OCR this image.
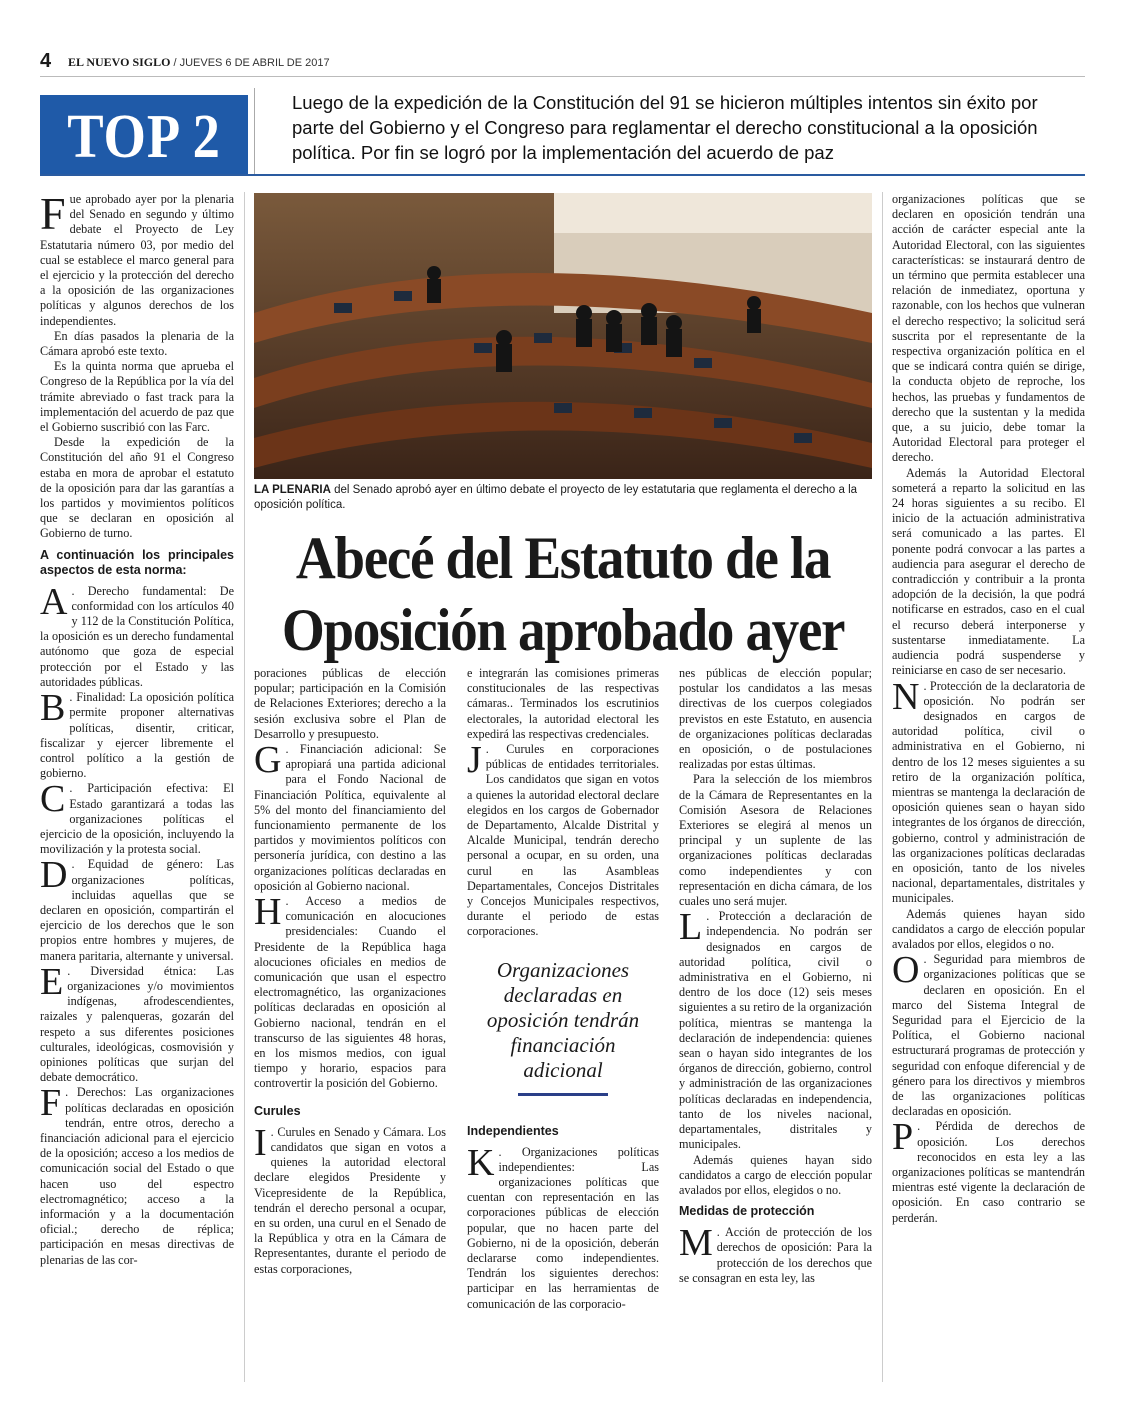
4 EL NUEVO SIGLO / JUEVES 6 DE ABRIL DE 2017
TOP 2
Luego de la expedición de la Constitución del 91 se hicieron múltiples intentos sin éxito por parte del Gobierno y el Congreso para reglamentar el derecho constitucional a la oposición política. Por fin se logró por la implementación del acuerdo de paz
LA PLENARIA del Senado aprobó ayer en último debate el proyecto de ley estatutaria que reglamenta el derecho a la oposición política.
Abecé del Estatuto de la
Oposición aprobado ayer

Fue aprobado ayer por la plenaria del Senado en segundo y último debate el Proyecto de Ley Estatutaria número 03, por medio del cual se establece el marco general para el ejercicio y la protección del derecho a la oposición de las organizaciones políticas y algunos derechos de los independientes.

En días pasados la plenaria de la Cámara aprobó este texto.

Es la quinta norma que aprueba el Congreso de la República por la vía del trámite abreviado o fast track para la implementación del acuerdo de paz que el Gobierno suscribió con las Farc.

Desde la expedición de la Constitución del año 91 el Congreso estaba en mora de aprobar el estatuto de la oposición para dar las garantías a los partidos y movimientos políticos que se declaran en oposición al Gobierno de turno.

A continuación los principales aspectos de esta norma:

A . Derecho fundamental: De conformidad con los artículos 40 y 112 de la Constitución Política, la oposición es un derecho fundamental autónomo que goza de especial protección por el Estado y las autoridades públicas.

B . Finalidad: La oposición política permite proponer alternativas políticas, disentir, criticar, fiscalizar y ejercer libremente el control político a la gestión de gobierno.

C . Participación efectiva: El Estado garantizará a todas las organizaciones políticas el ejercicio de la oposición, incluyendo la movilización y la protesta social.

D . Equidad de género: Las organizaciones políticas, incluidas aquellas que se declaren en oposición, compartirán el ejercicio de los derechos que le son propios entre hombres y mujeres, de manera paritaria, alternante y universal.

E . Diversidad étnica: Las organizaciones y/o movimientos indígenas, afrodescendientes, raizales y palenqueras, gozarán del respeto a sus diferentes posiciones culturales, ideológicas, cosmovisión y opiniones políticas que surjan del debate democrático.

F . Derechos: Las organizaciones políticas declaradas en oposición tendrán, entre otros, derecho a financiación adicional para el ejercicio de la oposición; acceso a los medios de comunicación social del Estado o que hacen uso del espectro electromagnético; acceso a la información y a la documentación oficial.; derecho de réplica; participación en mesas directivas de plenarias de las cor-

poraciones públicas de elección popular; participación en la Comisión de Relaciones Exteriores; derecho a la sesión exclusiva sobre el Plan de Desarrollo y presupuesto.

G . Financiación adicional: Se apropiará una partida adicional para el Fondo Nacional de Financiación Política, equivalente al 5% del monto del financiamiento del funcionamiento permanente de los partidos y movimientos políticos con personería jurídica, con destino a las organizaciones políticas declaradas en oposición al Gobierno nacional.

H . Acceso a medios de comunicación en alocuciones presidenciales: Cuando el Presidente de la República haga alocuciones oficiales en medios de comunicación que usan el espectro electromagnético, las organizaciones políticas declaradas en oposición al Gobierno nacional, tendrán en el transcurso de las siguientes 48 horas, en los mismos medios, con igual tiempo y horario, espacios para controvertir la posición del Gobierno.

Curules

I . Curules en Senado y Cámara. Los candidatos que sigan en votos a quienes la autoridad electoral declare elegidos Presidente y Vicepresidente de la República, tendrán el derecho personal a ocupar, en su orden, una curul en el Senado de la República y otra en la Cámara de Representantes, durante el periodo de estas corporaciones,

e integrarán las comisiones primeras constitucionales de las respectivas cámaras.. Terminados los escrutinios electorales, la autoridad electoral les expedirá las respectivas credenciales.

J . Curules en corporaciones públicas de entidades territoriales. Los candidatos que sigan en votos a quienes la autoridad electoral declare elegidos en los cargos de Gobernador de Departamento, Alcalde Distrital y Alcalde Municipal, tendrán derecho personal a ocupar, en su orden, una curul en las Asambleas Departamentales, Concejos Distritales y Concejos Municipales respectivos, durante el periodo de estas corporaciones.

Organizaciones declaradas en oposición tendrán financiación adicional
Independientes

K . Organizaciones políticas independientes: Las organizaciones políticas que cuentan con representación en las corporaciones públicas de elección popular, que no hacen parte del Gobierno, ni de la oposición, deberán declararse como independientes. Tendrán los siguientes derechos: participar en las herramientas de comunicación de las corporacio-

nes públicas de elección popular; postular los candidatos a las mesas directivas de los cuerpos colegiados previstos en este Estatuto, en ausencia de organizaciones políticas declaradas en oposición, o de postulaciones realizadas por estas últimas.

Para la selección de los miembros de la Cámara de Representantes en la Comisión Asesora de Relaciones Exteriores se elegirá al menos un principal y un suplente de las organizaciones políticas declaradas como independientes y con representación en dicha cámara, de los cuales uno será mujer.

L . Protección a declaración de independencia. No podrán ser designados en cargos de autoridad política, civil o administrativa en el Gobierno, ni dentro de los doce (12) seis meses siguientes a su retiro de la organización política, mientras se mantenga la declaración de independencia: quienes sean o hayan sido integrantes de los órganos de dirección, gobierno, control y administración de las organizaciones políticas declaradas en independencia, tanto de los niveles nacional, departamentales, distritales y municipales.

Además quienes hayan sido candidatos a cargo de elección popular avalados por ellos, elegidos o no.

Medidas de protección

M . Acción de protección de los derechos de oposición: Para la protección de los derechos que se consagran en esta ley, las

organizaciones políticas que se declaren en oposición tendrán una acción de carácter especial ante la Autoridad Electoral, con las siguientes características: se instaurará dentro de un término que permita establecer una relación de inmediatez, oportuna y razonable, con los hechos que vulneran el derecho respectivo; la solicitud será suscrita por el representante de la respectiva organización política en el que se indicará contra quién se dirige, la conducta objeto de reproche, los hechos, las pruebas y fundamentos de derecho que la sustentan y la medida que, a su juicio, debe tomar la Autoridad Electoral para proteger el derecho.

Además la Autoridad Electoral someterá a reparto la solicitud en las 24 horas siguientes a su recibo. El inicio de la actuación administrativa será comunicado a las partes. El ponente podrá convocar a las partes a audiencia para asegurar el derecho de contradicción y contribuir a la pronta adopción de la decisión, la que podrá notificarse en estrados, caso en el cual el recurso deberá interponerse y sustentarse inmediatamente. La audiencia podrá suspenderse y reiniciarse en caso de ser necesario.

N . Protección de la declaratoria de oposición. No podrán ser designados en cargos de autoridad política, civil o administrativa en el Gobierno, ni dentro de los 12 meses siguientes a su retiro de la organización política, mientras se mantenga la declaración de oposición quienes sean o hayan sido integrantes de los órganos de dirección, gobierno, control y administración de las organizaciones políticas declaradas en oposición, tanto de los niveles nacional, departamentales, distritales y municipales.

Además quienes hayan sido candidatos a cargo de elección popular avalados por ellos, elegidos o no.

O . Seguridad para miembros de organizaciones políticas que se declaren en oposición. En el marco del Sistema Integral de Seguridad para el Ejercicio de la Política, el Gobierno nacional estructurará programas de protección y seguridad con enfoque diferencial y de género para los directivos y miembros de las organizaciones políticas declaradas en oposición.

P . Pérdida de derechos de oposición. Los derechos reconocidos en esta ley a las organizaciones políticas se mantendrán mientras esté vigente la declaración de oposición. En caso contrario se perderán.
